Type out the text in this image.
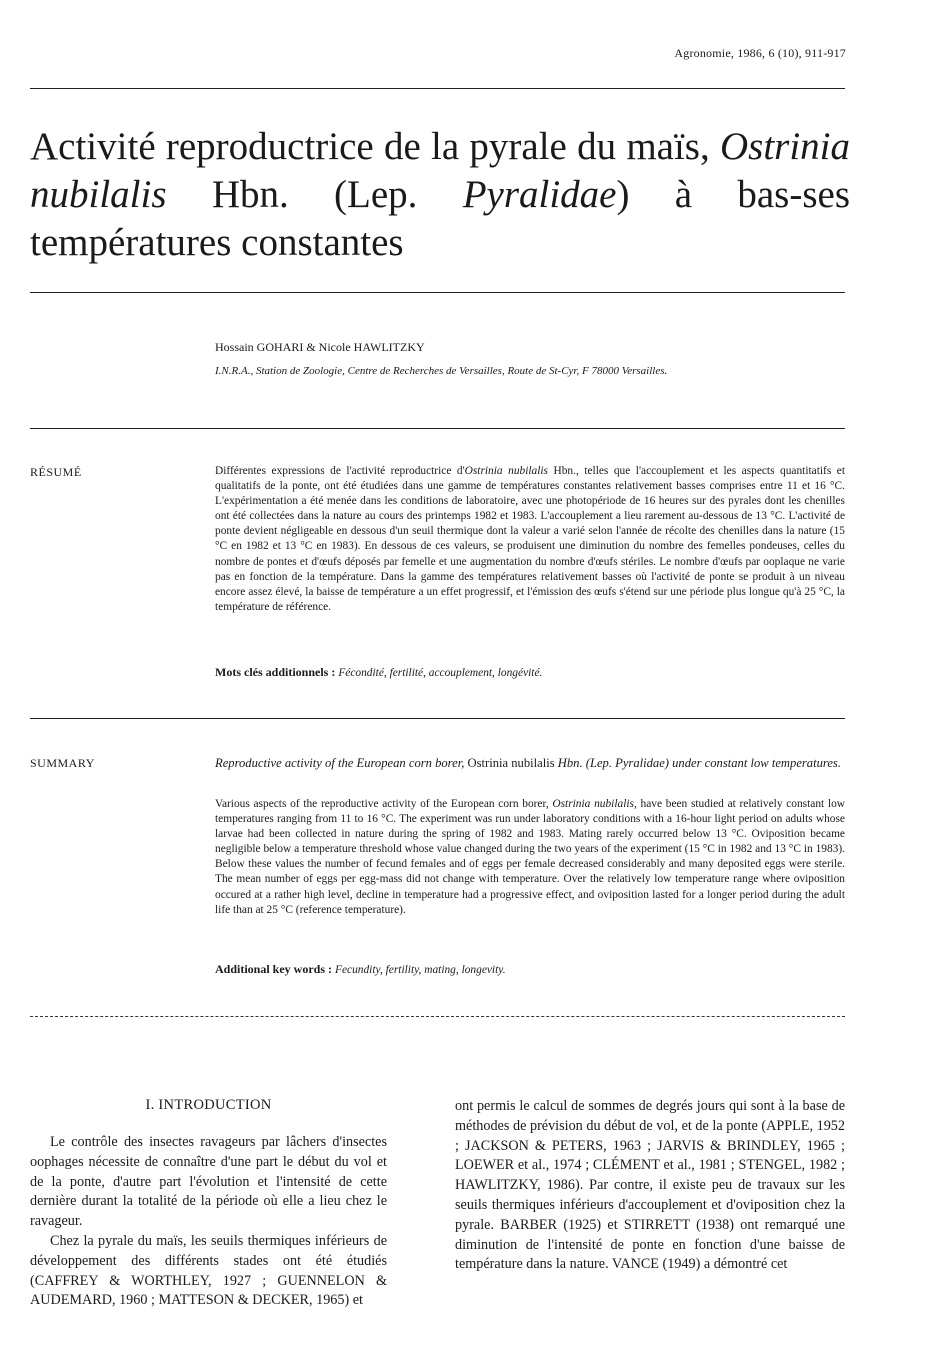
Agronomie, 1986, 6 (10), 911-917
Activité reproductrice de la pyrale du maïs, Ostrinia nubilalis Hbn. (Lep. Pyralidae) à bas-ses températures constantes
Hossain GOHARI & Nicole HAWLITZKY
I.N.R.A., Station de Zoologie, Centre de Recherches de Versailles, Route de St-Cyr, F 78000 Versailles.
RÉSUMÉ	Différentes expressions de l'activité reproductrice d'Ostrinia nubilalis Hbn., telles que l'accouplement et les aspects quantitatifs et qualitatifs de la ponte, ont été étudiées dans une gamme de températures constantes relativement basses comprises entre 11 et 16 °C. L'expérimentation a été menée dans les conditions de laboratoire, avec une photopériode de 16 heures sur des pyrales dont les chenilles ont été collectées dans la nature au cours des printemps 1982 et 1983. L'accouplement a lieu rarement au-dessous de 13 °C. L'activité de ponte devient négligeable en dessous d'un seuil thermique dont la valeur a varié selon l'année de récolte des chenilles dans la nature (15 °C en 1982 et 13 °C en 1983). En dessous de ces valeurs, se produisent une diminution du nombre des femelles pondeuses, celles du nombre de pontes et d'œufs déposés par femelle et une augmentation du nombre d'œufs stériles. Le nombre d'œufs par ooplaque ne varie pas en fonction de la température. Dans la gamme des températures relativement basses où l'activité de ponte se produit à un niveau encore assez élevé, la baisse de température a un effet progressif, et l'émission des œufs s'étend sur une période plus longue qu'à 25 °C, la température de référence.

Mots clés additionnels : Fécondité, fertilité, accouplement, longévité.
SUMMARY	Reproductive activity of the European corn borer, Ostrinia nubilalis Hbn. (Lep. Pyralidae) under constant low temperatures.

Various aspects of the reproductive activity of the European corn borer, Ostrinia nubilalis, have been studied at relatively constant low temperatures ranging from 11 to 16 °C. The experiment was run under laboratory conditions with a 16-hour light period on adults whose larvae had been collected in nature during the spring of 1982 and 1983. Mating rarely occurred below 13 °C. Oviposition became negligible below a temperature threshold whose value changed during the two years of the experiment (15 °C in 1982 and 13 °C in 1983). Below these values the number of fecund females and of eggs per female decreased considerably and many deposited eggs were sterile. The mean number of eggs per egg-mass did not change with temperature. Over the relatively low temperature range where oviposition occured at a rather high level, decline in temperature had a progressive effect, and oviposition lasted for a longer period during the adult life than at 25 °C (reference temperature).

Additional key words : Fecundity, fertility, mating, longevity.
I. INTRODUCTION

Le contrôle des insectes ravageurs par lâchers d'insectes oophages nécessite de connaître d'une part le début du vol et de la ponte, d'autre part l'évolution et l'intensité de cette dernière durant la totalité de la période où elle a lieu chez le ravageur.

Chez la pyrale du maïs, les seuils thermiques inférieurs de développement des différents stades ont été étudiés (CAFFREY & WORTHLEY, 1927 ; GUENNELON & AUDEMARD, 1960 ; MATTESON & DECKER, 1965) et

ont permis le calcul de sommes de degrés jours qui sont à la base de méthodes de prévision du début de vol, et de la ponte (APPLE, 1952 ; JACKSON & PETERS, 1963 ; JARVIS & BRINDLEY, 1965 ; LOEWER et al., 1974 ; CLÉMENT et al., 1981 ; STENGEL, 1982 ; HAWLITZKY, 1986). Par contre, il existe peu de travaux sur les seuils thermiques inférieurs d'accouplement et d'oviposition chez la pyrale. BARBER (1925) et STIRRETT (1938) ont remarqué une diminution de l'intensité de ponte en fonction d'une baisse de température dans la nature. VANCE (1949) a démontré cet
